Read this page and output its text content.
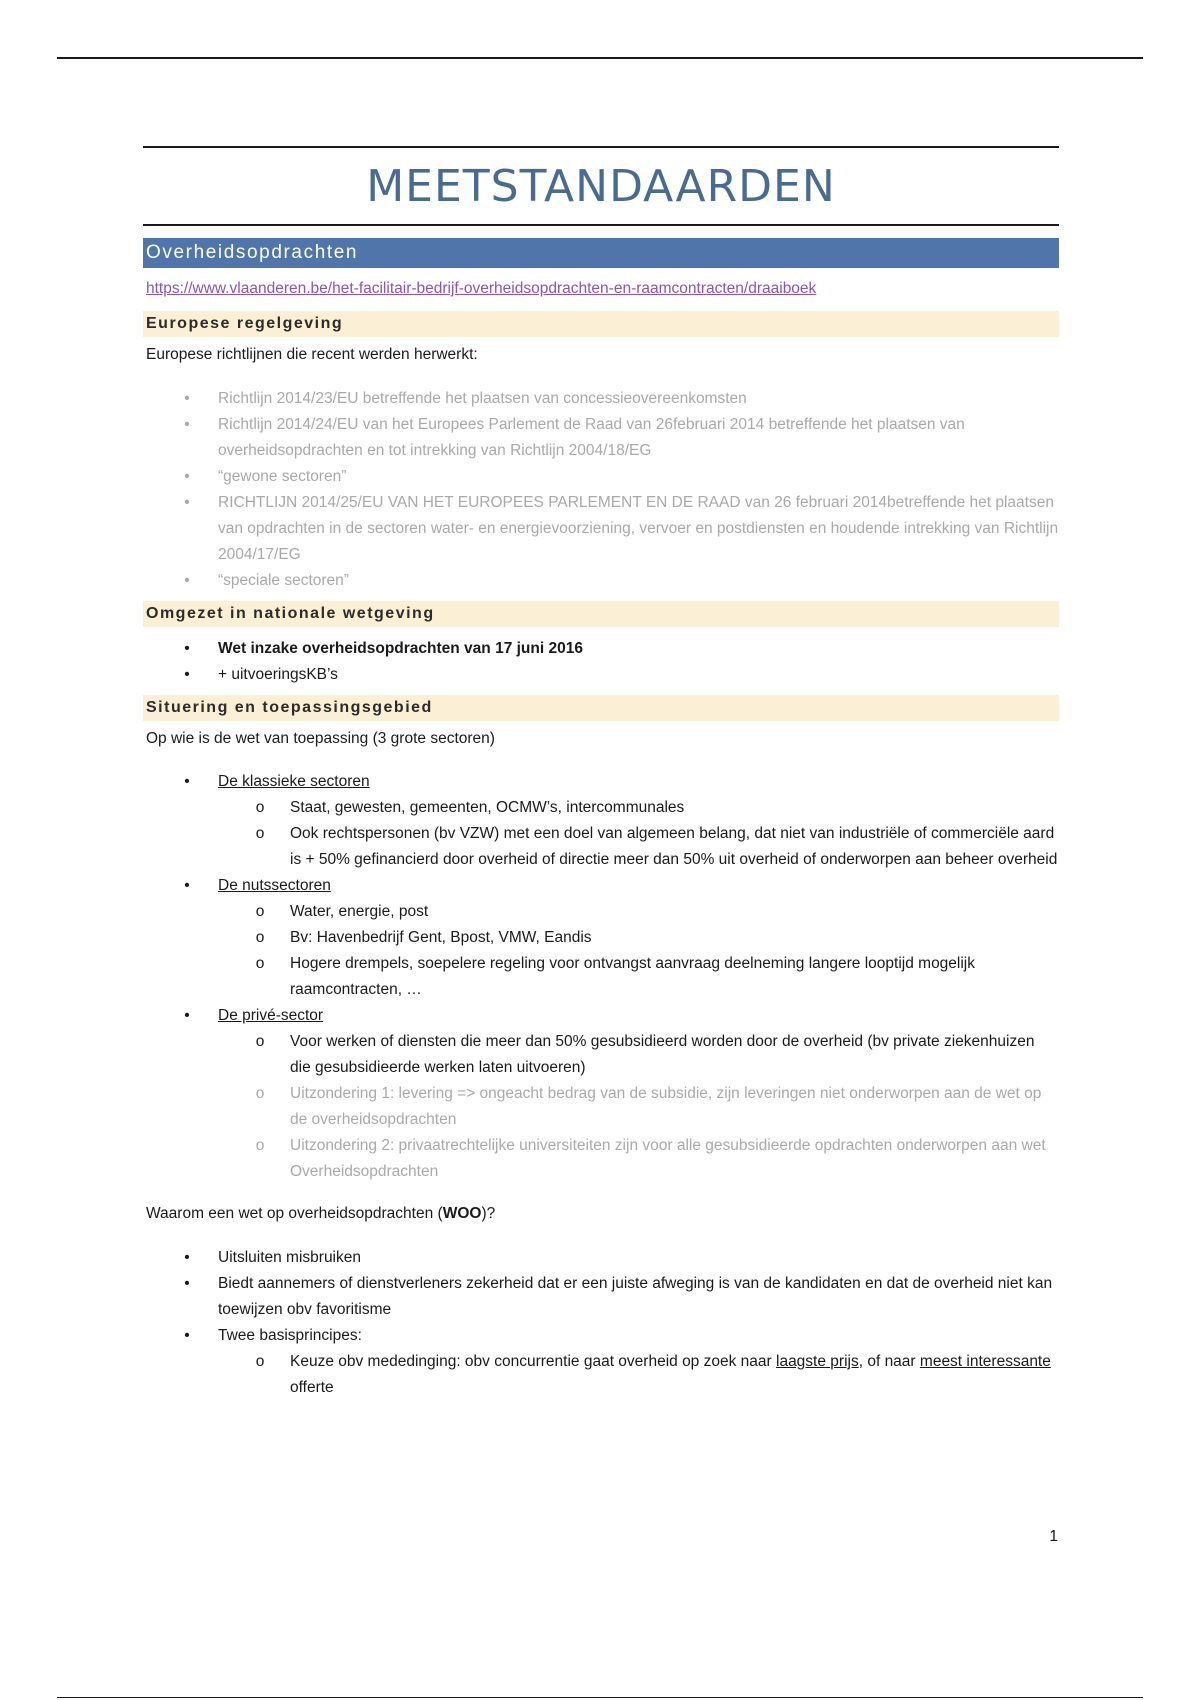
MEETSTANDAARDEN
Overheidsopdrachten
https://www.vlaanderen.be/het-facilitair-bedrijf-overheidsopdrachten-en-raamcontracten/draaiboek
Europese regelgeving

Europese richtlijnen die recent werden herwerkt:

• Richtlijn 2014/23/EU betreffende het plaatsen van concessieovereenkomsten
• Richtlijn 2014/24/EU van het Europees Parlement de Raad van 26februari 2014 betreffende het plaatsen van overheidsopdrachten en tot intrekking van Richtlijn 2004/18/EG
• “gewone sectoren”
• RICHTLIJN 2014/25/EU VAN HET EUROPEES PARLEMENT EN DE RAAD van 26 februari 2014betreffende het plaatsen van opdrachten in de sectoren water- en energievoorziening, vervoer en postdiensten en houdende intrekking van Richtlijn 2004/17/EG
• “speciale sectoren”
Omgezet in nationale wetgeving
• Wet inzake overheidsopdrachten van 17 juni 2016
• + uitvoeringsKB’s
Situering en toepassingsgebied

Op wie is de wet van toepassing (3 grote sectoren)

• De klassieke sectoren
o Staat, gewesten, gemeenten, OCMW’s, intercommunales
o Ook rechtspersonen (bv VZW) met een doel van algemeen belang, dat niet van industriële of commerciële aard is + 50% gefinancierd door overheid of directie meer dan 50% uit overheid of onderworpen aan beheer overheid
• De nutssectoren
o Water, energie, post
o Bv: Havenbedrijf Gent, Bpost, VMW, Eandis
o Hogere drempels, soepelere regeling voor ontvangst aanvraag deelneming langere looptijd mogelijk raamcontracten, …
• De privé-sector
o Voor werken of diensten die meer dan 50% gesubsidieerd worden door de overheid (bv private ziekenhuizen die gesubsidieerde werken laten uitvoeren)
o Uitzondering 1: levering => ongeacht bedrag van de subsidie, zijn leveringen niet onderworpen aan de wet op de overheidsopdrachten
o Uitzondering 2: privaatrechtelijke universiteiten zijn voor alle gesubsidieerde opdrachten onderworpen aan wet Overheidsopdrachten

Waarom een wet op overheidsopdrachten (WOO)?

• Uitsluiten misbruiken
• Biedt aannemers of dienstverleners zekerheid dat er een juiste afweging is van de kandidaten en dat de overheid niet kan toewijzen obv favoritisme
• Twee basisprincipes:
o Keuze obv mededinging: obv concurrentie gaat overheid op zoek naar laagste prijs, of naar meest interessante offerte
1
